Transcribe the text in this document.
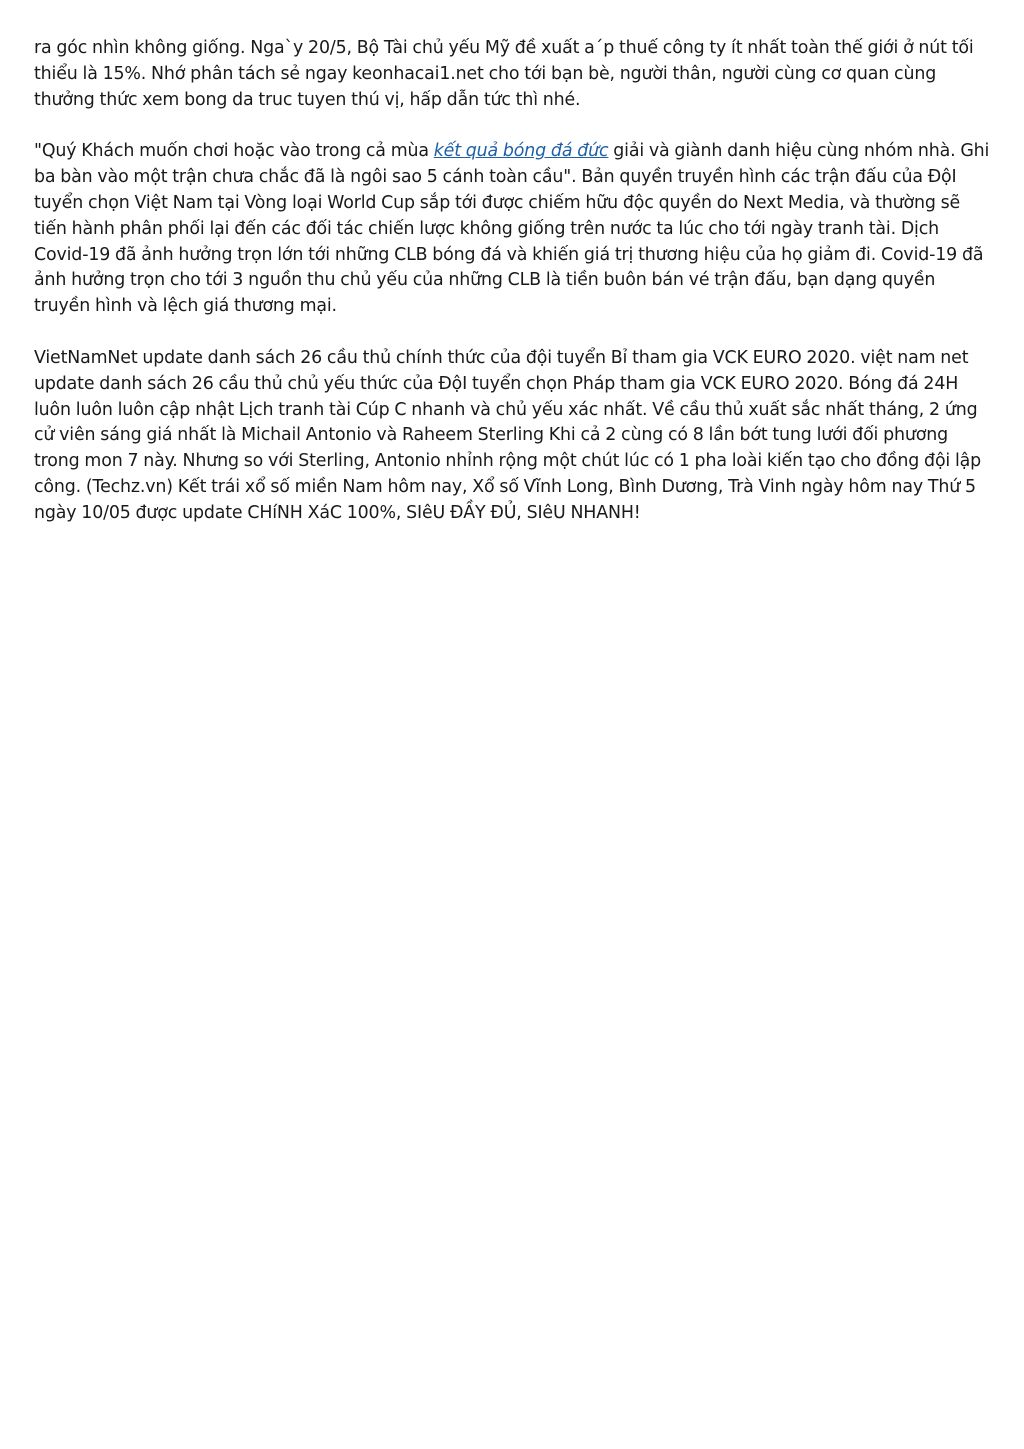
ra góc nhìn không giống. Nga`y 20/5, Bộ Tài chủ yếu Mỹ đề xuất a´p thuế công ty ít nhất toàn thế giới ở nút tối thiểu là 15%. Nhớ phân tách sẻ ngay keonhacai1.net cho tới bạn bè, người thân, người cùng cơ quan cùng thưởng thức xem bong da truc tuyen thú vị, hấp dẫn tức thì nhé.

"Quý Khách muốn chơi hoặc vào trong cả mùa kết quả bóng đá đức giải và giành danh hiệu cùng nhóm nhà. Ghi ba bàn vào một trận chưa chắc đã là ngôi sao 5 cánh toàn cầu". Bản quyền truyền hình các trận đấu của ĐộI tuyển chọn Việt Nam tại Vòng loại World Cup sắp tới được chiếm hữu độc quyền do Next Media, và thường sẽ tiến hành phân phối lại đến các đối tác chiến lược không giống trên nước ta lúc cho tới ngày tranh tài. Dịch Covid-19 đã ảnh hưởng trọn lớn tới những CLB bóng đá và khiến giá trị thương hiệu của họ giảm đi. Covid-19 đã ảnh hưởng trọn cho tới 3 nguồn thu chủ yếu của những CLB là tiền buôn bán vé trận đấu, bạn dạng quyền truyền hình và lệch giá thương mại.

VietNamNet update danh sách 26 cầu thủ chính thức của đội tuyển Bỉ tham gia VCK EURO 2020. việt nam net update danh sách 26 cầu thủ chủ yếu thức của ĐộI tuyển chọn Pháp tham gia VCK EURO 2020. Bóng đá 24H luôn luôn luôn cập nhật Lịch tranh tài Cúp C nhanh và chủ yếu xác nhất. Về cầu thủ xuất sắc nhất tháng, 2 ứng cử viên sáng giá nhất là Michail Antonio và Raheem Sterling Khi cả 2 cùng có 8 lần bớt tung lưới đối phương trong mon 7 này. Nhưng so với Sterling, Antonio nhỉnh rộng một chút lúc có 1 pha loài kiến tạo cho đồng đội lập công. (Techz.vn) Kết trái xổ số miền Nam hôm nay, Xổ số Vĩnh Long, Bình Dương, Trà Vinh ngày hôm nay Thứ 5 ngày 10/05 được update CHíNH XáC 100%, SIêU ĐẦY ĐỦ, SIêU NHANH!
